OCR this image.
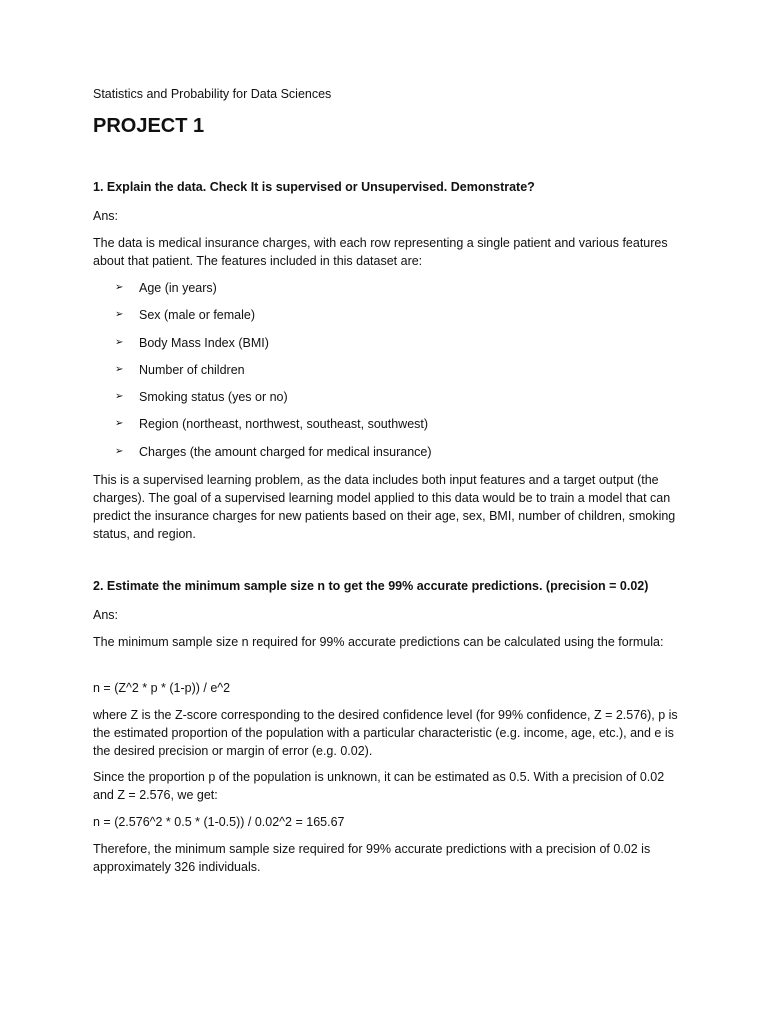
Statistics and Probability for Data Sciences
PROJECT 1
1. Explain the data. Check It is supervised or Unsupervised. Demonstrate?
Ans:
The data is medical insurance charges, with each row representing a single patient and various features about that patient. The features included in this dataset are:
➢ Age (in years)
➢ Sex (male or female)
➢ Body Mass Index (BMI)
➢ Number of children
➢ Smoking status (yes or no)
➢ Region (northeast, northwest, southeast, southwest)
➢ Charges (the amount charged for medical insurance)
This is a supervised learning problem, as the data includes both input features and a target output (the charges). The goal of a supervised learning model applied to this data would be to train a model that can predict the insurance charges for new patients based on their age, sex, BMI, number of children, smoking status, and region.
2. Estimate the minimum sample size n to get the 99% accurate predictions. (precision = 0.02)
Ans:
The minimum sample size n required for 99% accurate predictions can be calculated using the formula:
n = (Z^2 * p * (1-p)) / e^2
where Z is the Z-score corresponding to the desired confidence level (for 99% confidence, Z = 2.576), p is the estimated proportion of the population with a particular characteristic (e.g. income, age, etc.), and e is the desired precision or margin of error (e.g. 0.02).
Since the proportion p of the population is unknown, it can be estimated as 0.5. With a precision of 0.02 and Z = 2.576, we get:
n = (2.576^2 * 0.5 * (1-0.5)) / 0.02^2 = 165.67
Therefore, the minimum sample size required for 99% accurate predictions with a precision of 0.02 is approximately 326 individuals.
